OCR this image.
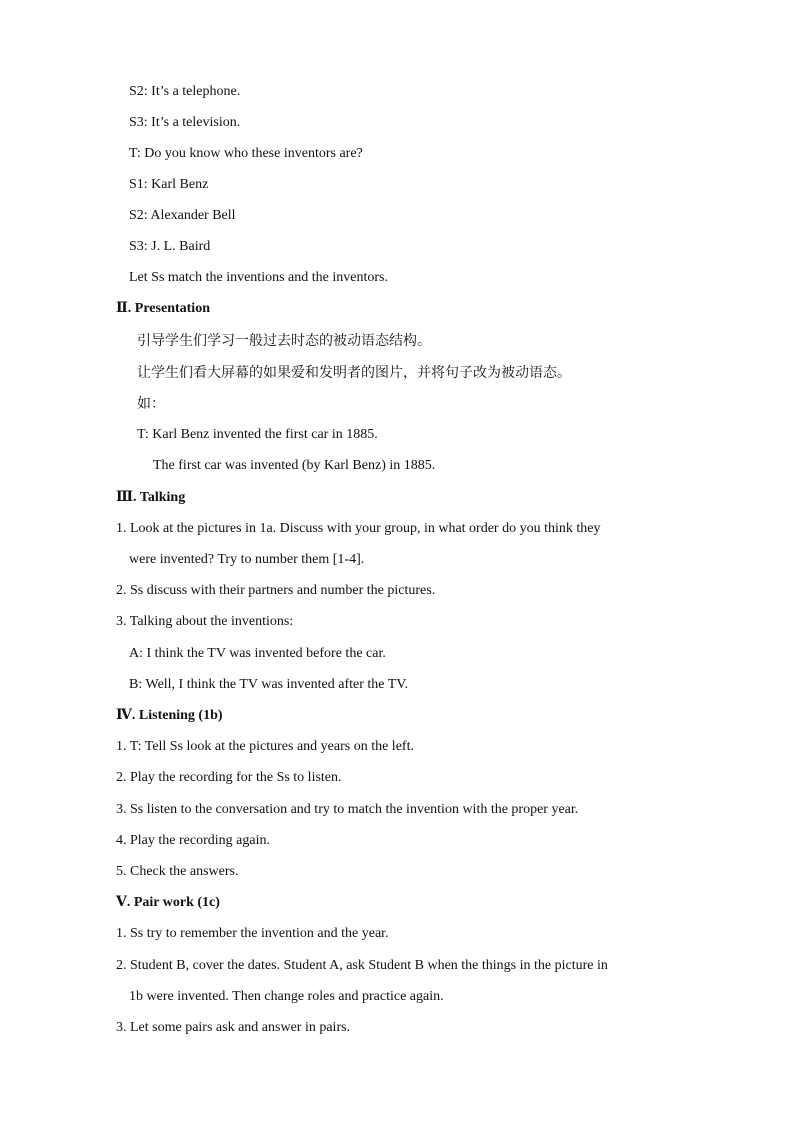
S2: It’s a telephone.
S3: It’s a television.
T: Do you know who these inventors are?
S1: Karl Benz
S2: Alexander Bell
S3: J. L. Baird
Let Ss match the inventions and the inventors.
Ⅱ. Presentation
引导学生们学习一般过去时态的被动语态结构。
让学生们看大屏幕的如果爱和发明者的图片，并将句子改为被动语态。
如：
T: Karl Benz invented the first car in 1885.
The first car was invented (by Karl Benz) in 1885.
Ⅲ. Talking
1. Look at the pictures in 1a. Discuss with your group, in what order do you think they
were invented? Try to number them [1-4].
2. Ss discuss with their partners and number the pictures.
3. Talking about the inventions:
A: I think the TV was invented before the car.
B: Well, I think the TV was invented after the TV.
Ⅳ. Listening (1b)
1. T: Tell Ss look at the pictures and years on the left.
2. Play the recording for the Ss to listen.
3. Ss listen to the conversation and try to match the invention with the proper year.
4. Play the recording again.
5. Check the answers.
Ⅴ. Pair work (1c)
1. Ss try to remember the invention and the year.
2. Student B, cover the dates. Student A, ask Student B when the things in the picture in
1b were invented. Then change roles and practice again.
3. Let some pairs ask and answer in pairs.
